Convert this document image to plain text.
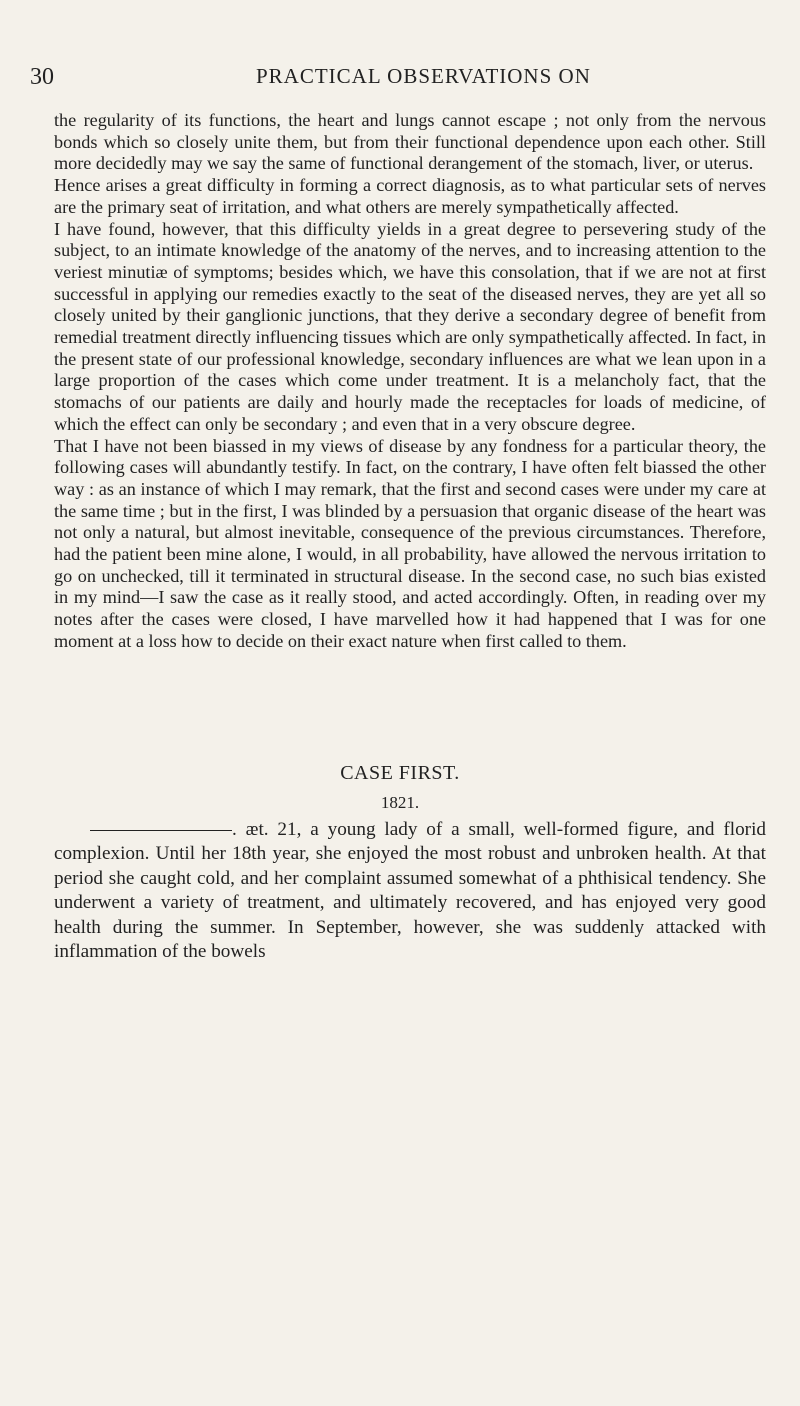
30	PRACTICAL OBSERVATIONS ON

the regularity of its functions, the heart and lungs cannot escape ; not only from the nervous bonds which so closely unite them, but from their functional dependence upon each other. Still more decidedly may we say the same of functional derangement of the stomach, liver, or uterus.

Hence arises a great difficulty in forming a correct diagnosis, as to what particular sets of nerves are the primary seat of irritation, and what others are merely sympathetically affected.

I have found, however, that this difficulty yields in a great degree to persevering study of the subject, to an intimate knowledge of the anatomy of the nerves, and to increasing attention to the veriest minutiæ of symptoms; besides which, we have this consolation, that if we are not at first successful in applying our remedies exactly to the seat of the diseased nerves, they are yet all so closely united by their ganglionic junctions, that they derive a secondary degree of benefit from remedial treatment directly influencing tissues which are only sympathetically affected. In fact, in the present state of our professional knowledge, secondary influences are what we lean upon in a large proportion of the cases which come under treatment. It is a melancholy fact, that the stomachs of our patients are daily and hourly made the receptacles for loads of medicine, of which the effect can only be secondary ; and even that in a very obscure degree.

That I have not been biassed in my views of disease by any fondness for a particular theory, the following cases will abundantly testify. In fact, on the contrary, I have often felt biassed the other way : as an instance of which I may remark, that the first and second cases were under my care at the same time ; but in the first, I was blinded by a persuasion that organic disease of the heart was not only a natural, but almost inevitable, consequence of the previous circumstances. Therefore, had the patient been mine alone, I would, in all probability, have allowed the nervous irritation to go on unchecked, till it terminated in structural disease. In the second case, no such bias existed in my mind—I saw the case as it really stood, and acted accordingly. Often, in reading over my notes after the cases were closed, I have marvelled how it had happened that I was for one moment at a loss how to decide on their exact nature when first called to them.

CASE FIRST.
1821.

. æt. 21, a young lady of a small, well-formed figure, and florid complexion. Until her 18th year, she enjoyed the most robust and unbroken health. At that period she caught cold, and her complaint assumed somewhat of a phthisical tendency. She underwent a variety of treatment, and ultimately recovered, and has enjoyed very good health during the summer. In September, however, she was suddenly attacked with inflammation of the bowels
